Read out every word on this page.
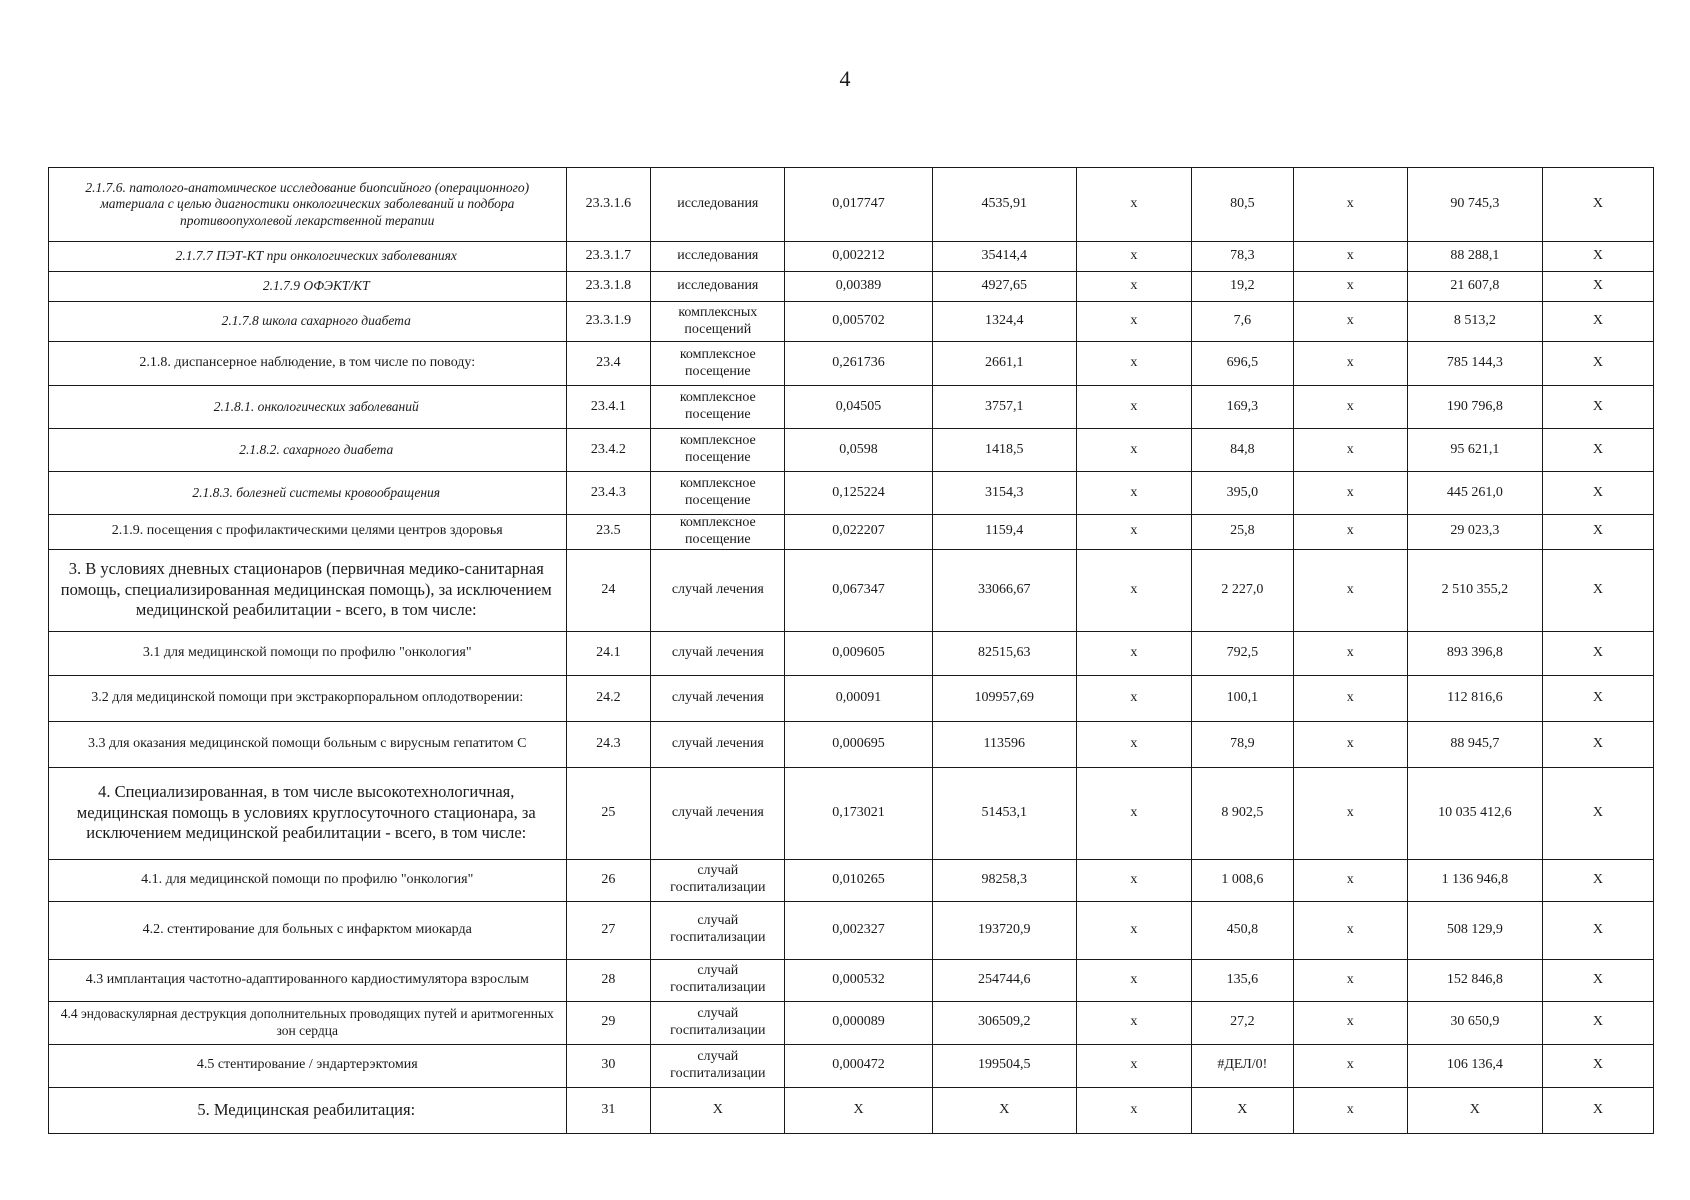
4
2.1.7.6. патолого-анатомическое исследование биопсийного (операционного) материала с целью диагностики онкологических заболеваний и подбора противоопухолевой лекарственной терапии	23.3.1.6	исследования	0,017747	4535,91	x	80,5	x	90 745,3	X
2.1.7.7 ПЭТ-КТ при онкологических заболеваниях	23.3.1.7	исследования	0,002212	35414,4	x	78,3	x	88 288,1	X
2.1.7.9 ОФЭКТ/КТ	23.3.1.8	исследования	0,00389	4927,65	x	19,2	x	21 607,8	X
2.1.7.8 школа сахарного диабета	23.3.1.9	комплексных посещений	0,005702	1324,4	x	7,6	x	8 513,2	X
2.1.8. диспансерное наблюдение, в том числе по поводу:	23.4	комплексное посещение	0,261736	2661,1	x	696,5	x	785 144,3	X
2.1.8.1. онкологических заболеваний	23.4.1	комплексное посещение	0,04505	3757,1	x	169,3	x	190 796,8	X
2.1.8.2. сахарного диабета	23.4.2	комплексное посещение	0,0598	1418,5	x	84,8	x	95 621,1	X
2.1.8.3. болезней системы кровообращения	23.4.3	комплексное посещение	0,125224	3154,3	x	395,0	x	445 261,0	X
2.1.9. посещения с профилактическими целями центров здоровья	23.5	комплексное посещение	0,022207	1159,4	x	25,8	x	29 023,3	X
3. В условиях дневных стационаров (первичная медико-санитарная помощь, специализированная медицинская помощь), за исключением медицинской реабилитации - всего, в том числе:	24	случай лечения	0,067347	33066,67	x	2 227,0	x	2 510 355,2	X
3.1 для медицинской помощи по профилю "онкология"	24.1	случай лечения	0,009605	82515,63	x	792,5	x	893 396,8	X
3.2 для медицинской помощи при экстракорпоральном оплодотворении:	24.2	случай лечения	0,00091	109957,69	x	100,1	x	112 816,6	X
3.3 для оказания медицинской помощи больным с вирусным гепатитом С	24.3	случай лечения	0,000695	113596	x	78,9	x	88 945,7	X
4. Специализированная, в том числе высокотехнологичная, медицинская помощь в условиях круглосуточного стационара, за исключением медицинской реабилитации - всего, в том числе:	25	случай лечения	0,173021	51453,1	x	8 902,5	x	10 035 412,6	X
4.1. для медицинской помощи по профилю "онкология"	26	случай госпитализации	0,010265	98258,3	x	1 008,6	x	1 136 946,8	X
4.2. стентирование для больных с инфарктом миокарда	27	случай госпитализации	0,002327	193720,9	x	450,8	x	508 129,9	X
4.3 имплантация частотно-адаптированного кардиостимулятора взрослым	28	случай госпитализации	0,000532	254744,6	x	135,6	x	152 846,8	X
4.4 эндоваскулярная деструкция дополнительных проводящих путей и аритмогенных зон сердца	29	случай госпитализации	0,000089	306509,2	x	27,2	x	30 650,9	X
4.5 стентирование / эндартерэктомия	30	случай госпитализации	0,000472	199504,5	x	#ДЕЛ/0!	x	106 136,4	X
5. Медицинская реабилитация:	31	X	X	X	x	X	x	X	X
